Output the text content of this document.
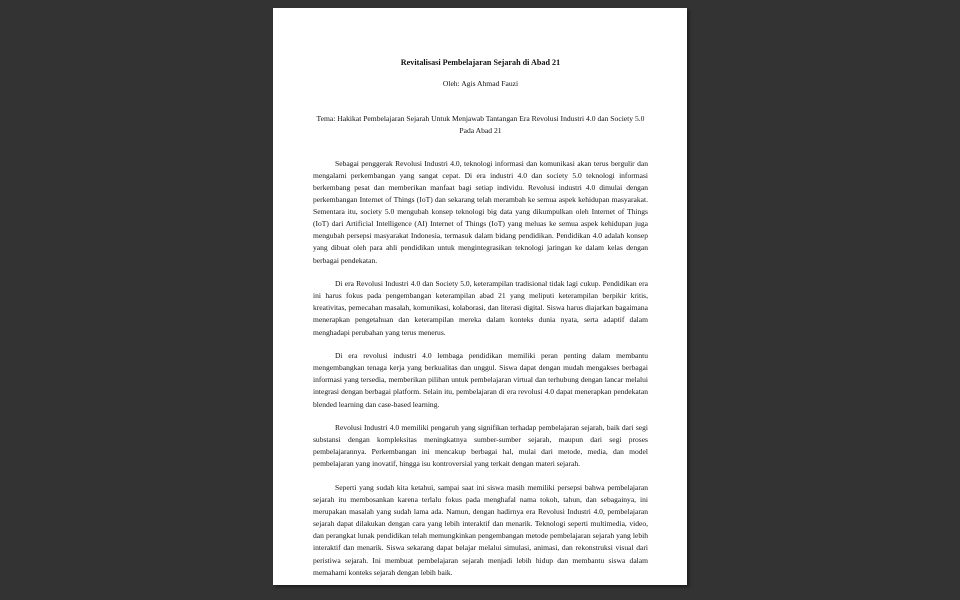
Revitalisasi Pembelajaran Sejarah di Abad 21
Oleh: Agis Ahmad Fauzi
Tema: Hakikat Pembelajaran Sejarah Untuk Menjawab Tantangan Era Revolusi Industri 4.0 dan Society 5.0 Pada Abad 21

Sebagai penggerak Revolusi Industri 4.0, teknologi informasi dan komunikasi akan terus bergulir dan mengalami perkembangan yang sangat cepat. Di era industri 4.0 dan society 5.0 teknologi informasi berkembang pesat dan memberikan manfaat bagi setiap individu. Revolusi industri 4.0 dimulai dengan perkembangan Internet of Things (IoT) dan sekarang telah merambah ke semua aspek kehidupan masyarakat. Sementara itu, society 5.0 mengubah konsep teknologi big data yang dikumpulkan oleh Internet of Things (IoT) dari Artificial Intelligence (AI) Internet of Things (IoT) yang meluas ke semua aspek kehidupan juga mengubah persepsi masyarakat Indonesia, termasuk dalam bidang pendidikan. Pendidikan 4.0 adalah konsep yang dibuat oleh para ahli pendidikan untuk mengintegrasikan teknologi jaringan ke dalam kelas dengan berbagai pendekatan.

Di era Revolusi Industri 4.0 dan Society 5.0, keterampilan tradisional tidak lagi cukup. Pendidikan era ini harus fokus pada pengembangan keterampilan abad 21 yang meliputi keterampilan berpikir kritis, kreativitas, pemecahan masalah, komunikasi, kolaborasi, dan literasi digital. Siswa harus diajarkan bagaimana menerapkan pengetahuan dan keterampilan mereka dalam konteks dunia nyata, serta adaptif dalam menghadapi perubahan yang terus menerus.

Di era revolusi industri 4.0 lembaga pendidikan memiliki peran penting dalam membantu mengembangkan tenaga kerja yang berkualitas dan unggul. Siswa dapat dengan mudah mengakses berbagai informasi yang tersedia, memberikan pilihan untuk pembelajaran virtual dan terhubung dengan lancar melalui integrasi dengan berbagai platform. Selain itu, pembelajaran di era revolusi 4.0 dapat menerapkan pendekatan blended learning dan case-based learning.

Revolusi Industri 4.0 memiliki pengaruh yang signifikan terhadap pembelajaran sejarah, baik dari segi substansi dengan kompleksitas meningkatnya sumber-sumber sejarah, maupun dari segi proses pembelajarannya. Perkembangan ini mencakup berbagai hal, mulai dari metode, media, dan model pembelajaran yang inovatif, hingga isu kontroversial yang terkait dengan materi sejarah.

Seperti yang sudah kita ketahui, sampai saat ini siswa masih memiliki persepsi bahwa pembelajaran sejarah itu membosankan karena terlalu fokus pada menghafal nama tokoh, tahun, dan sebagainya, ini merupakan masalah yang sudah lama ada. Namun, dengan hadirnya era Revolusi Industri 4.0, pembelajaran sejarah dapat dilakukan dengan cara yang lebih interaktif dan menarik. Teknologi seperti multimedia, video, dan perangkat lunak pendidikan telah memungkinkan pengembangan metode pembelajaran sejarah yang lebih interaktif dan menarik. Siswa sekarang dapat belajar melalui simulasi, animasi, dan rekonstruksi visual dari peristiwa sejarah. Ini membuat pembelajaran sejarah menjadi lebih hidup dan membantu siswa dalam memahami konteks sejarah dengan lebih baik.
